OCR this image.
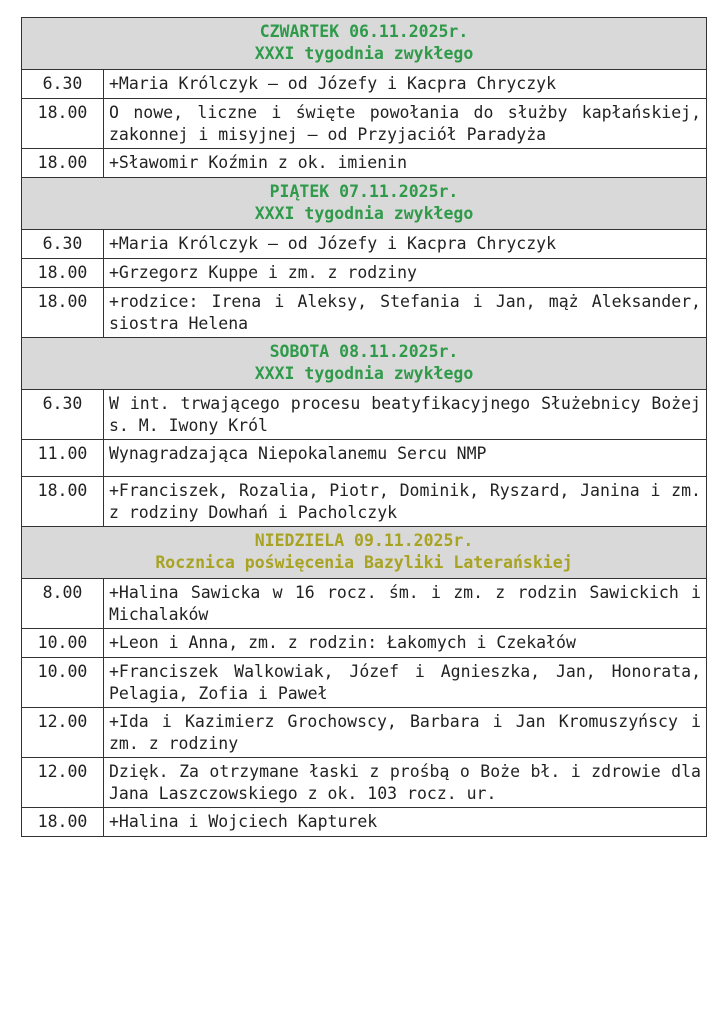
CZWARTEK 06.11.2025r.
XXXI tygodnia zwykłego	

6.30	+Maria Królczyk – od Józefy i Kacpra Chryczyk
18.00	O nowe, liczne i święte powołania do służby kapłańskiej, zakonnej i misyjnej – od Przyjaciół Paradyża
18.00	+Sławomir Koźmin z ok. imienin

PIĄTEK 07.11.2025r.
XXXI tygodnia zwykłego	

6.30	+Maria Królczyk – od Józefy i Kacpra Chryczyk
18.00	+Grzegorz Kuppe i zm. z rodziny
18.00	+rodzice: Irena i Aleksy, Stefania i Jan, mąż Aleksander, siostra Helena

SOBOTA 08.11.2025r.
XXXI tygodnia zwykłego	

6.30	W int. trwającego procesu beatyfikacyjnego Służebnicy Bożej s. M. Iwony Król
11.00	Wynagradzająca Niepokalanemu Sercu NMP
18.00	+Franciszek, Rozalia, Piotr, Dominik, Ryszard, Janina i zm. z rodziny Dowhań i Pacholczyk

NIEDZIELA 09.11.2025r.
Rocznica poświęcenia Bazyliki Laterańskiej	

8.00	+Halina Sawicka w 16 rocz. śm. i zm. z rodzin Sawickich i Michalaków
10.00	+Leon i Anna, zm. z rodzin: Łakomych i Czekałów
10.00	+Franciszek Walkowiak, Józef i Agnieszka, Jan, Honorata, Pelagia, Zofia i Paweł
12.00	+Ida i Kazimierz Grochowscy, Barbara i Jan Kromuszyńscy i zm. z rodziny
12.00	Dzięk. Za otrzymane łaski z prośbą o Boże bł. i zdrowie dla Jana Laszczowskiego z ok. 103 rocz. ur.
18.00	+Halina i Wojciech Kapturek
